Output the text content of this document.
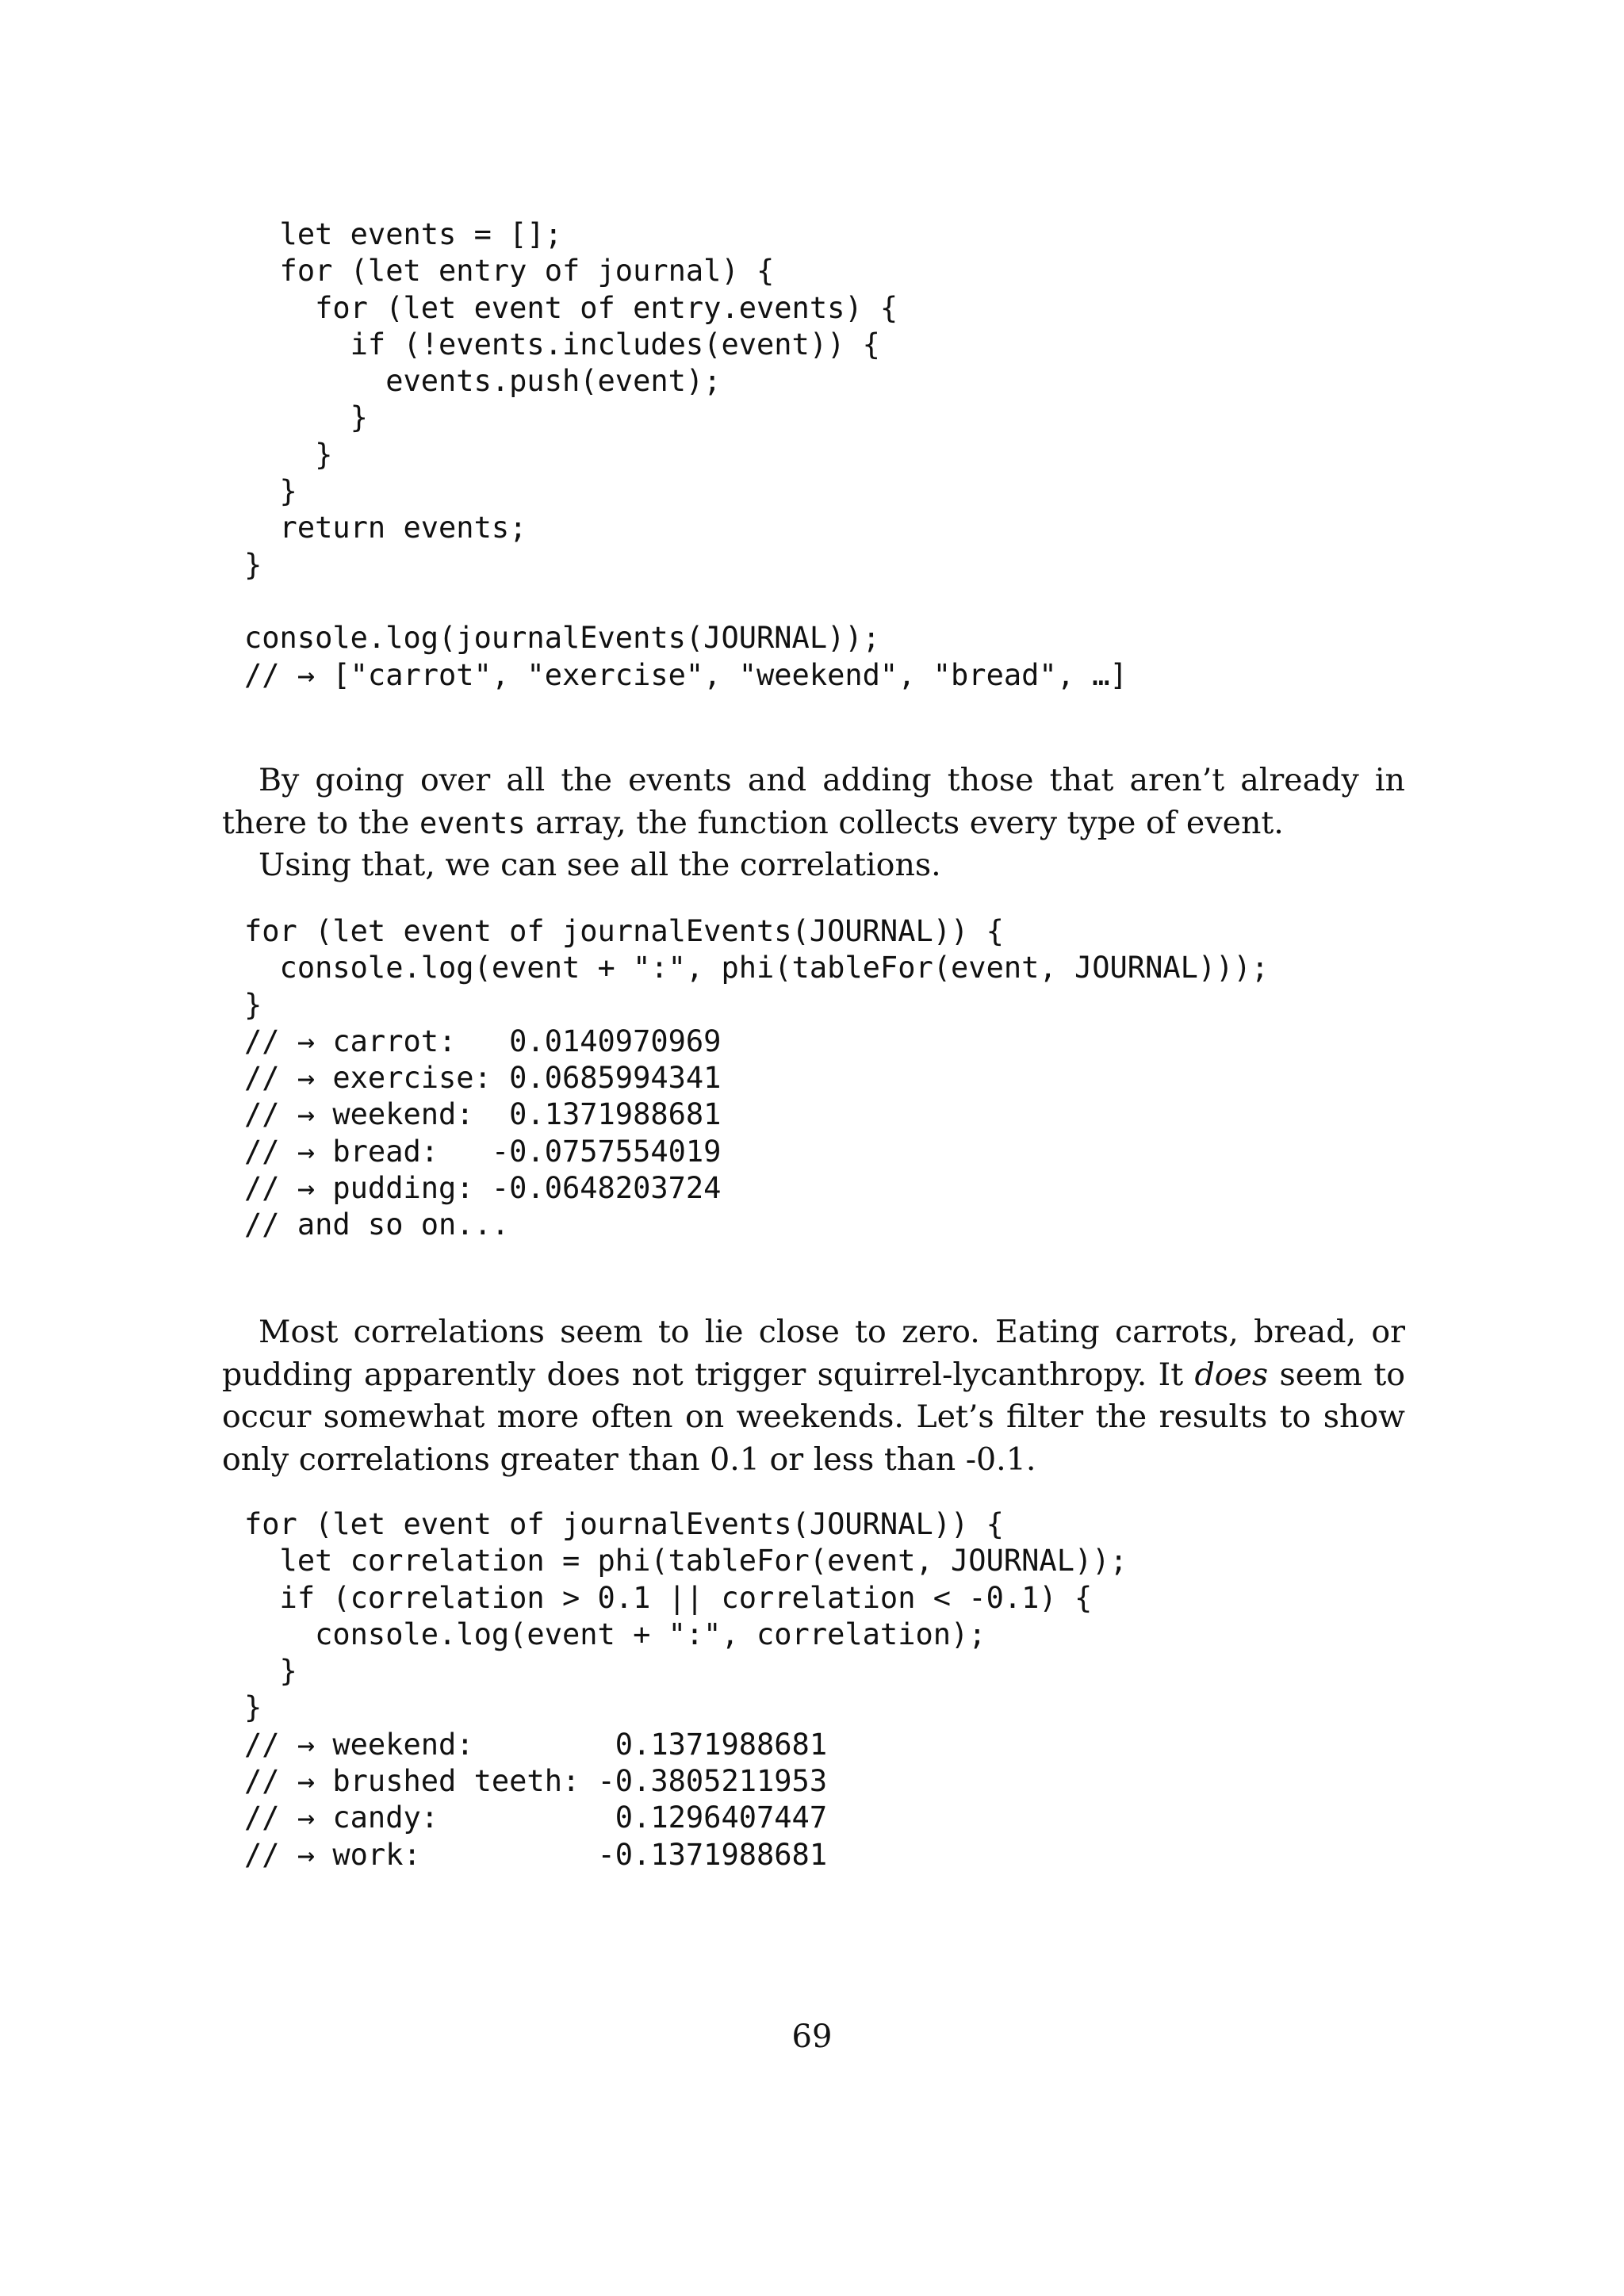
let events = [];
for (let entry of journal) {
for (let event of entry.events) {
if (!events.includes(event)) {
events.push(event);
}
}
}
return events;
}
console.log(journalEvents(JOURNAL));
// → ["carrot", "exercise", "weekend", "bread", …]

By going over all the events and adding those that aren’t already in there to the events array, the function collects every type of event.

Using that, we can see all the correlations.

for (let event of journalEvents(JOURNAL)) {
console.log(event + ":", phi(tableFor(event, JOURNAL)));
}
// → carrot:   0.0140970969
// → exercise: 0.0685994341
// → weekend:  0.1371988681
// → bread:   -0.0757554019
// → pudding: -0.0648203724
// and so on...

Most correlations seem to lie close to zero. Eating carrots, bread, or pudding apparently does not trigger squirrel-lycanthropy. It does seem to occur somewhat more often on weekends. Let’s filter the results to show only correlations greater than 0.1 or less than -0.1.

for (let event of journalEvents(JOURNAL)) {
let correlation = phi(tableFor(event, JOURNAL));
if (correlation > 0.1 || correlation < -0.1) {
console.log(event + ":", correlation);
}
}
// → weekend:        0.1371988681
// → brushed teeth: -0.3805211953
// → candy:          0.1296407447
// → work:          -0.1371988681
69
